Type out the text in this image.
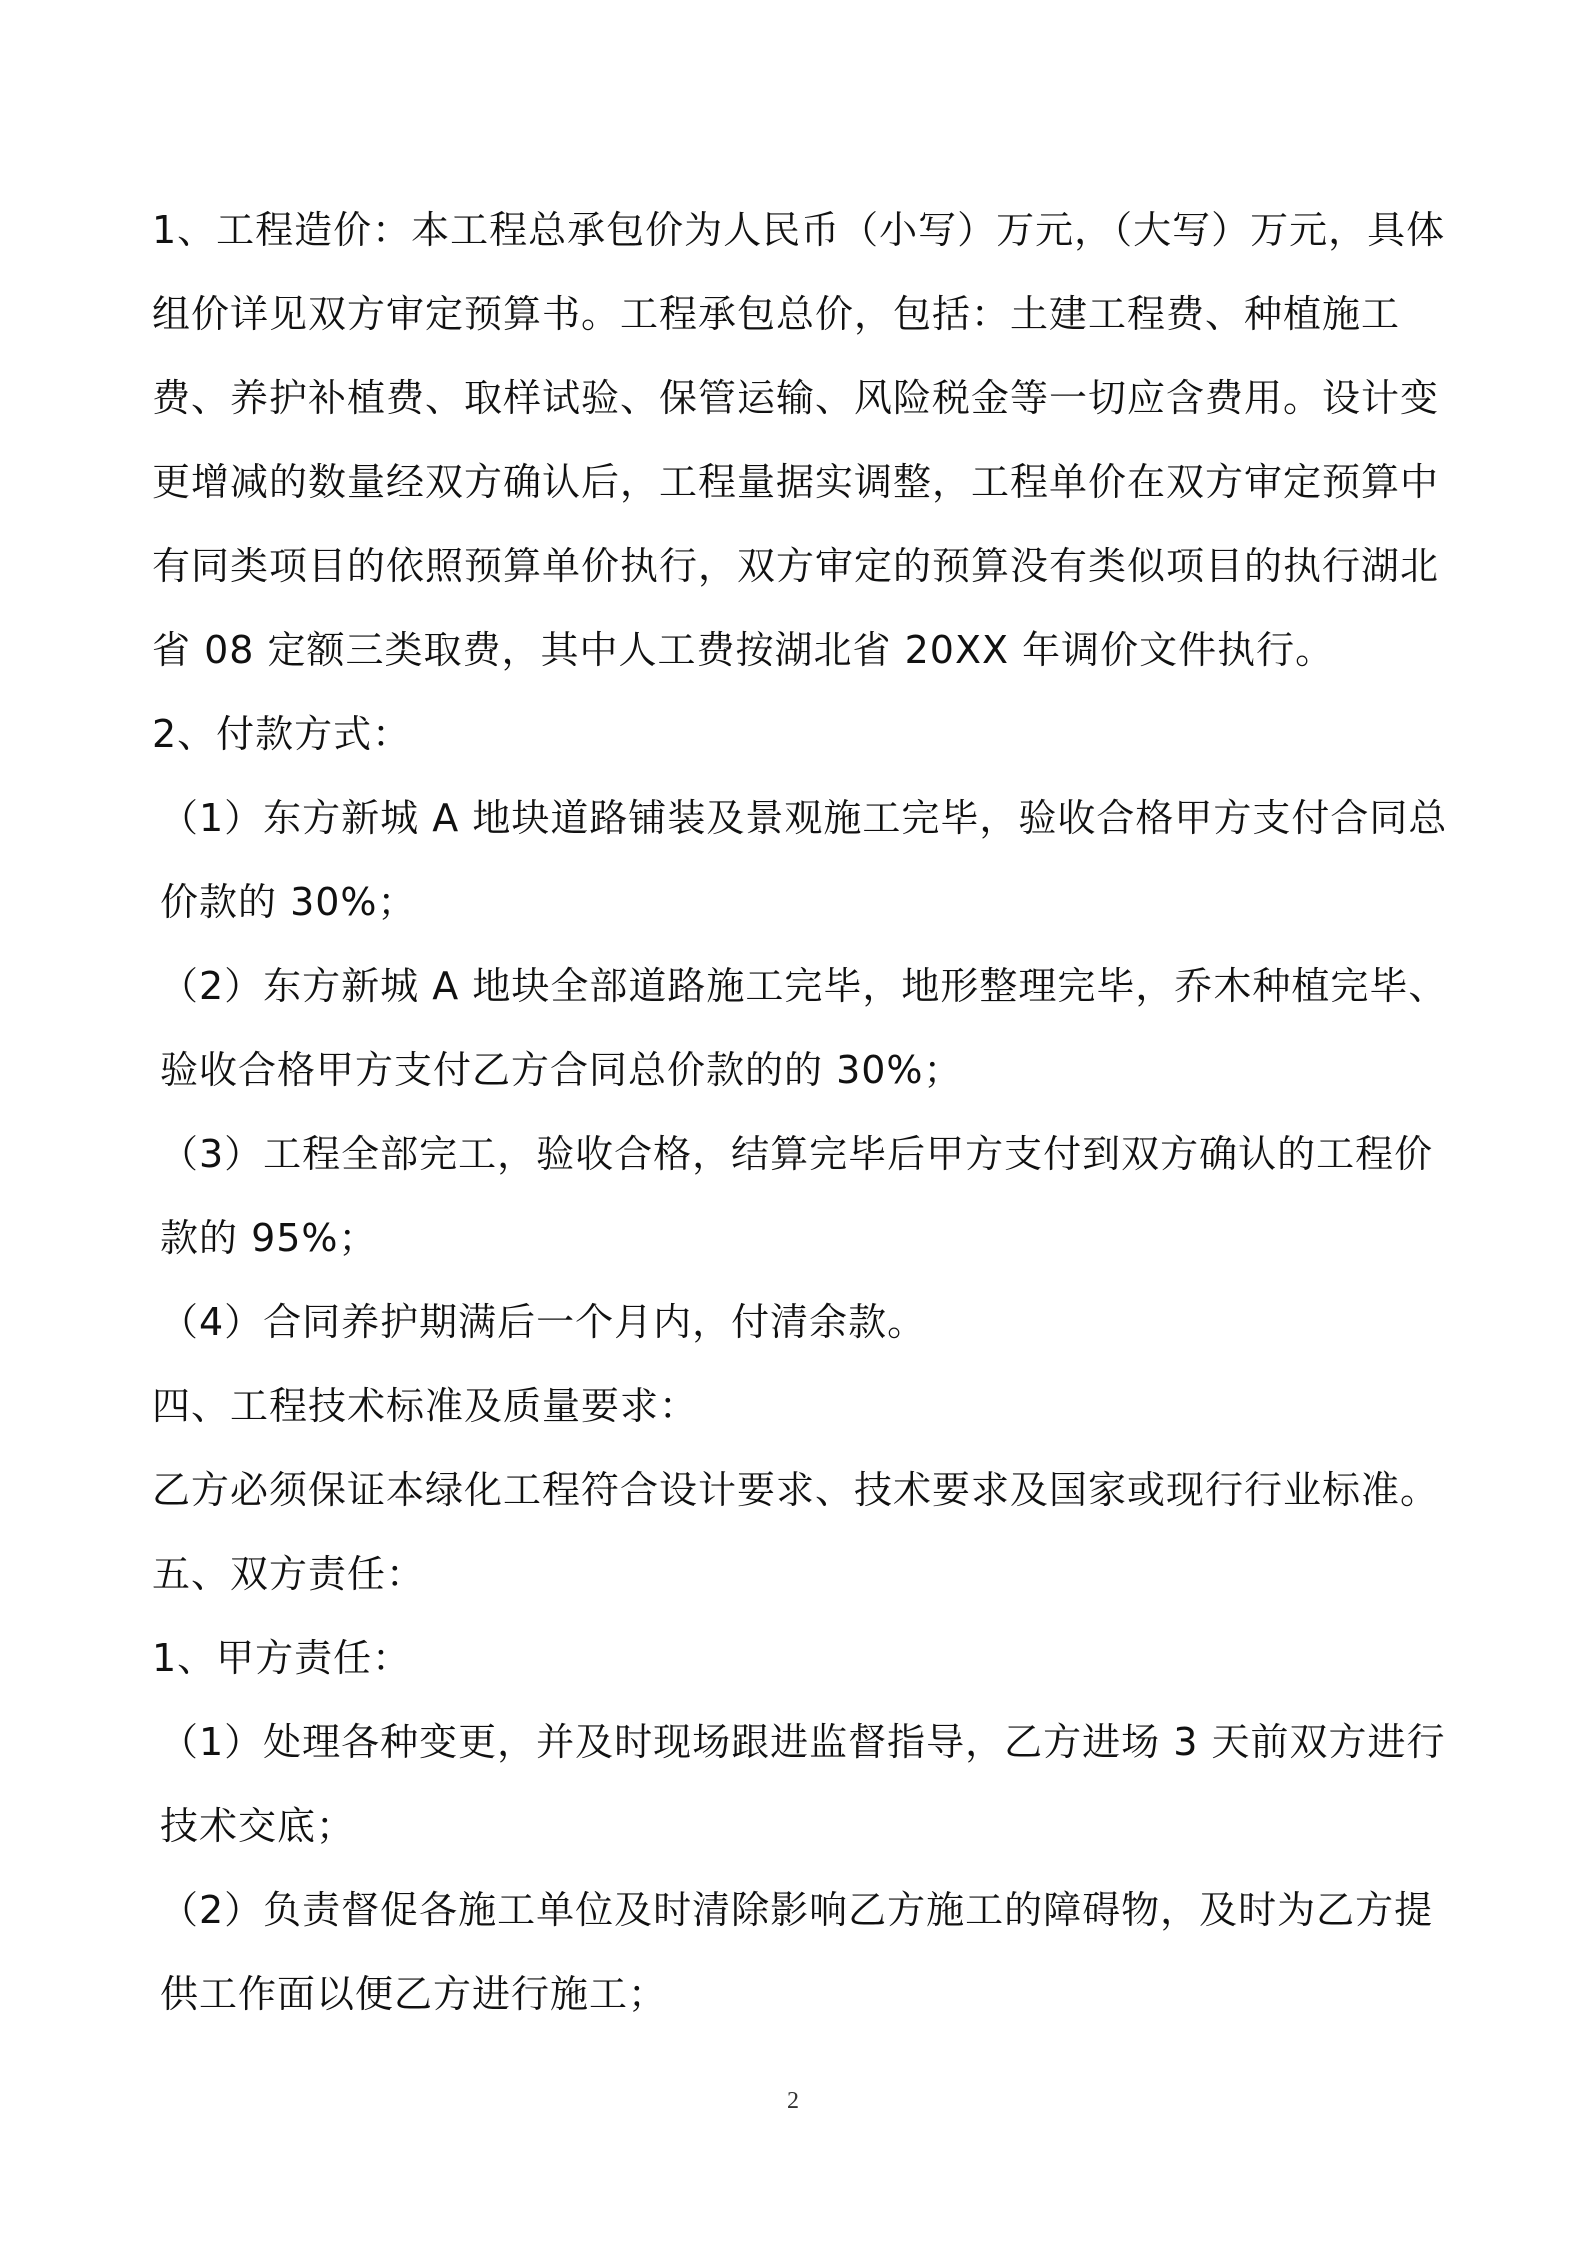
1、工程造价：本工程总承包价为人民币（小写）万元，（大写）万元，具体组价详见双方审定预算书。工程承包总价，包括：土建工程费、种植施工费、养护补植费、取样试验、保管运输、风险税金等一切应含费用。设计变更增减的数量经双方确认后，工程量据实调整，工程单价在双方审定预算中有同类项目的依照预算单价执行，双方审定的预算没有类似项目的执行湖北省 08 定额三类取费，其中人工费按湖北省 20XX 年调价文件执行。

2、付款方式：

（1）东方新城 A 地块道路铺装及景观施工完毕，验收合格甲方支付合同总价款的 30%；

（2）东方新城 A 地块全部道路施工完毕，地形整理完毕，乔木种植完毕、验收合格甲方支付乙方合同总价款的的 30%；

（3）工程全部完工，验收合格，结算完毕后甲方支付到双方确认的工程价款的 95%；

（4）合同养护期满后一个月内，付清余款。

四、工程技术标准及质量要求：

乙方必须保证本绿化工程符合设计要求、技术要求及国家或现行行业标准。

五、双方责任：

1、甲方责任：

（1）处理各种变更，并及时现场跟进监督指导，乙方进场 3 天前双方进行技术交底；

（2）负责督促各施工单位及时清除影响乙方施工的障碍物，及时为乙方提供工作面以便乙方进行施工；

2
